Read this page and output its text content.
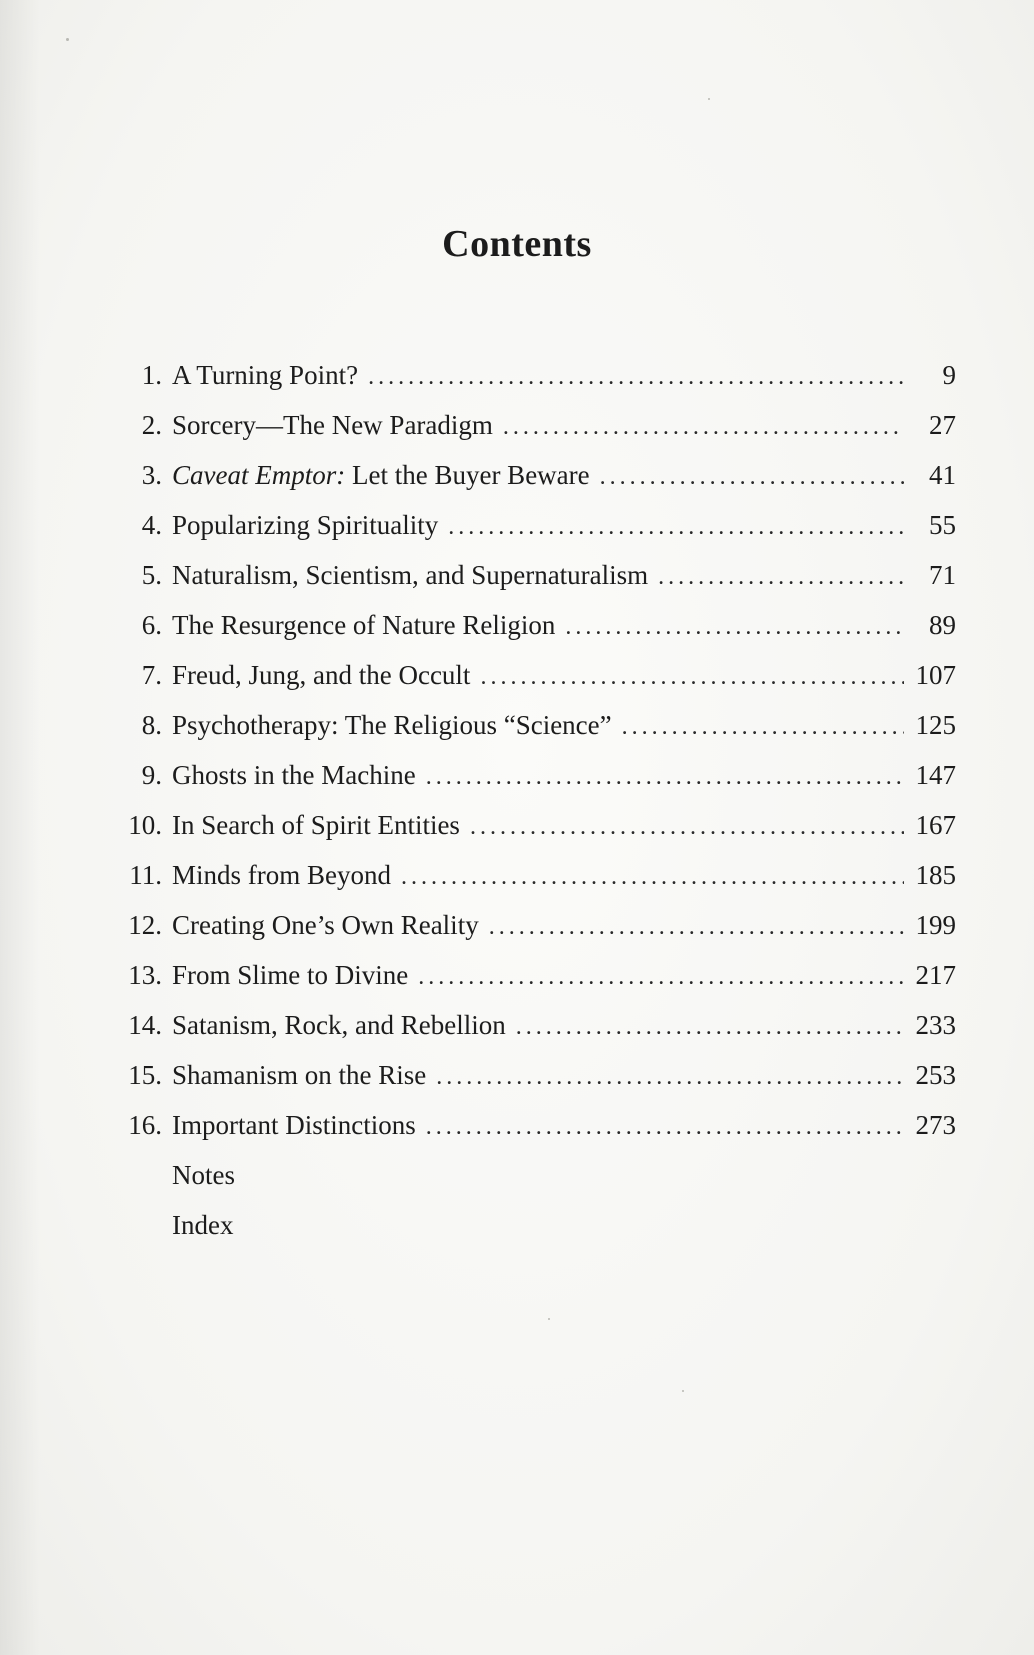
Contents
1. A Turning Point? . . .	9
2. Sorcery—The New Paradigm . . .	27
3. Caveat Emptor: Let the Buyer Beware . . .	41
4. Popularizing Spirituality . . .	55
5. Naturalism, Scientism, and Supernaturalism . . .	71
6. The Resurgence of Nature Religion . . .	89
7. Freud, Jung, and the Occult . . .	107
8. Psychotherapy: The Religious “Science” . . .	125
9. Ghosts in the Machine . . .	147
10. In Search of Spirit Entities . . .	167
11. Minds from Beyond . . .	185
12. Creating One’s Own Reality . . .	199
13. From Slime to Divine . . .	217
14. Satanism, Rock, and Rebellion . . .	233
15. Shamanism on the Rise . . .	253
16. Important Distinctions . . .	273
Notes
Index
